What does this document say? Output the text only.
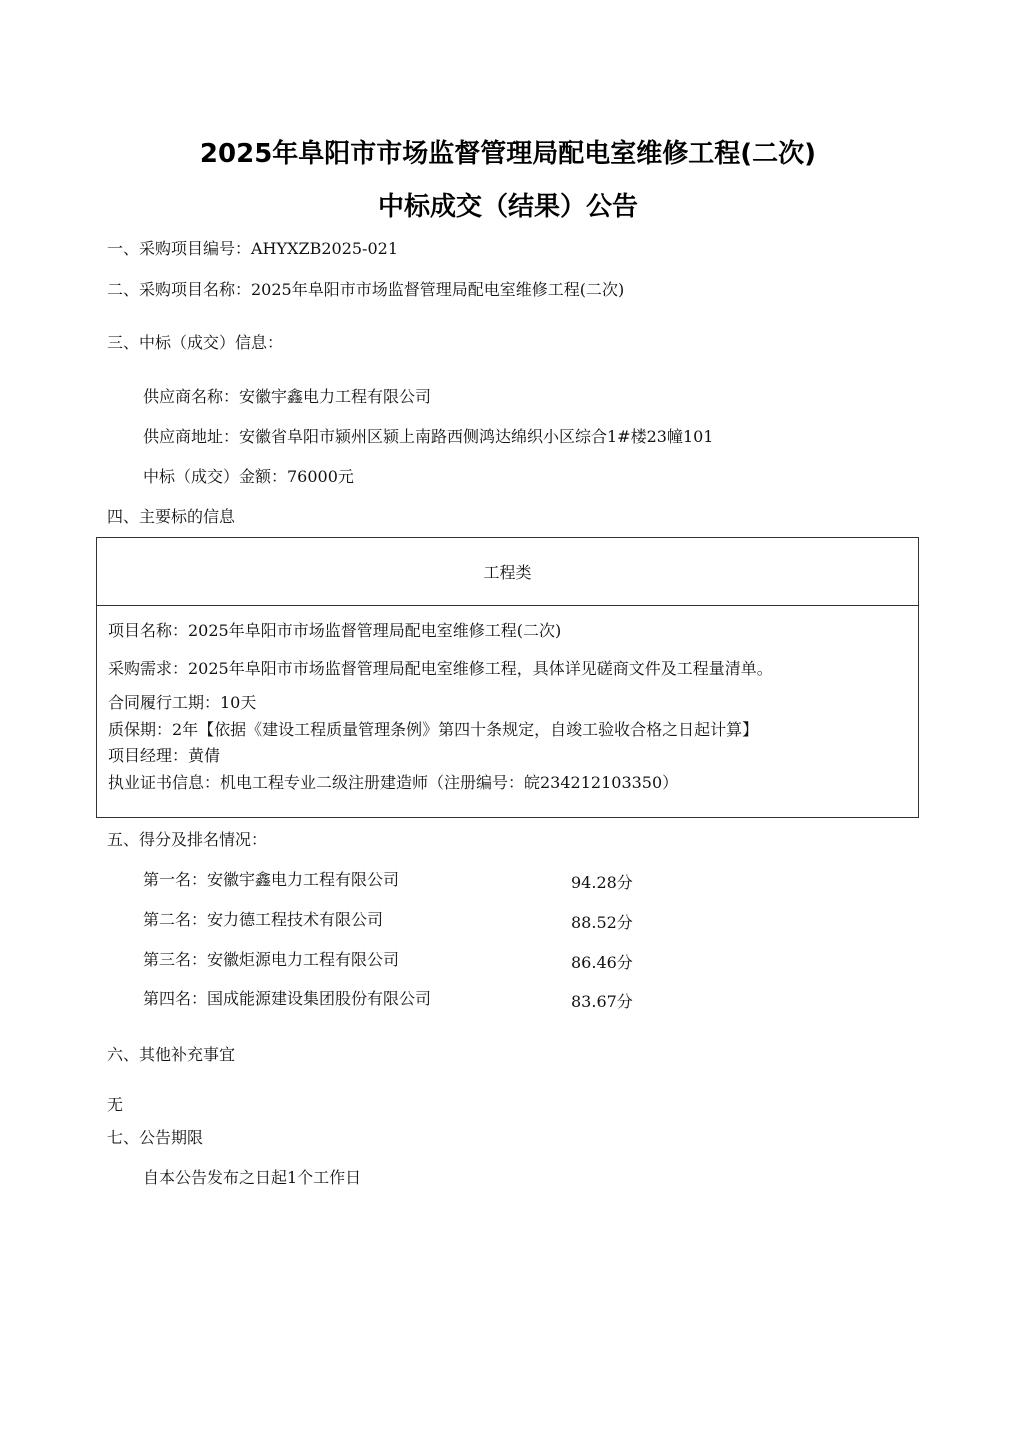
2025年阜阳市市场监督管理局配电室维修工程(二次)
中标成交（结果）公告
一、采购项目编号：AHYXZB2025-021
二、采购项目名称：2025年阜阳市市场监督管理局配电室维修工程(二次)
三、中标（成交）信息：
供应商名称：安徽宇鑫电力工程有限公司
供应商地址：安徽省阜阳市颍州区颍上南路西侧鸿达绵织小区综合1#楼23幢101
中标（成交）金额：76000元
四、主要标的信息
工程类
项目名称：2025年阜阳市市场监督管理局配电室维修工程(二次)
采购需求：2025年阜阳市市场监督管理局配电室维修工程，具体详见磋商文件及工程量清单。
合同履行工期：10天
质保期：2年【依据《建设工程质量管理条例》第四十条规定，自竣工验收合格之日起计算】
项目经理：黄倩
执业证书信息：机电工程专业二级注册建造师（注册编号：皖234212103350）
五、得分及排名情况：
第一名：安徽宇鑫电力工程有限公司	94.28分
第二名：安力德工程技术有限公司	88.52分
第三名：安徽炬源电力工程有限公司	86.46分
第四名：国成能源建设集团股份有限公司	83.67分
六、其他补充事宜
无
七、公告期限
自本公告发布之日起1个工作日
